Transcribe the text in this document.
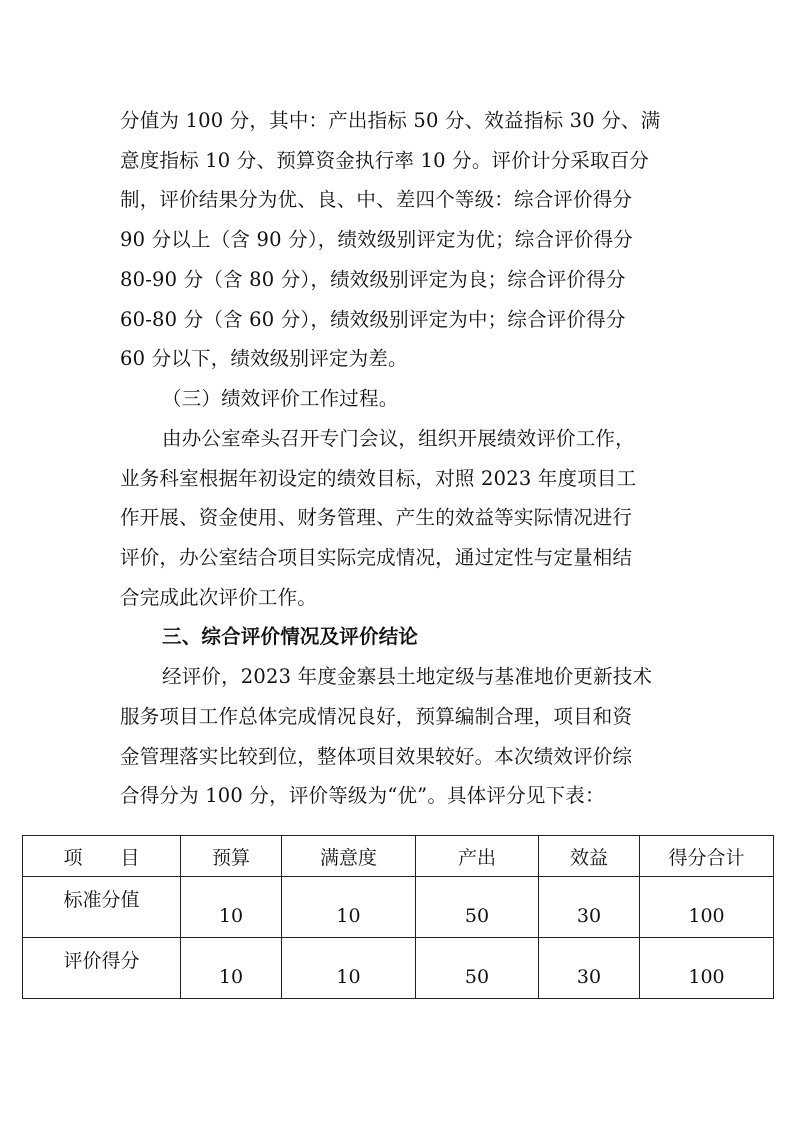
分值为 100 分，其中：产出指标 50 分、效益指标 30 分、满
意度指标 10 分、预算资金执行率 10 分。评价计分采取百分
制，评价结果分为优、良、中、差四个等级：综合评价得分
90 分以上（含 90 分），绩效级别评定为优；综合评价得分
80-90 分（含 80 分），绩效级别评定为良；综合评价得分
60-80 分（含 60 分），绩效级别评定为中；综合评价得分
60 分以下，绩效级别评定为差。
（三）绩效评价工作过程。
由办公室牵头召开专门会议，组织开展绩效评价工作，
业务科室根据年初设定的绩效目标，对照 2023 年度项目工
作开展、资金使用、财务管理、产生的效益等实际情况进行
评价，办公室结合项目实际完成情况，通过定性与定量相结
合完成此次评价工作。
三、综合评价情况及评价结论
经评价，2023 年度金寨县土地定级与基准地价更新技术
服务项目工作总体完成情况良好，预算编制合理，项目和资
金管理落实比较到位，整体项目效果较好。本次绩效评价综
合得分为 100 分，评价等级为“优”。具体评分见下表：
项　　目	预算	满意度	产出	效益	得分合计
标准分值	10	10	50	30	100
评价得分	10	10	50	30	100
